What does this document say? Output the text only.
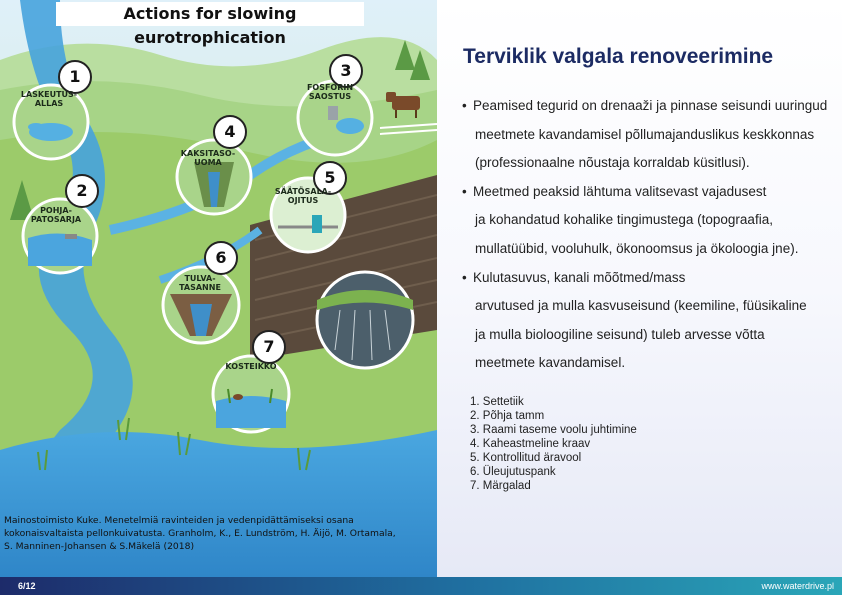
Actions for slowing eurotrophication
1
LASKEUTUS-
ALLAS
2
POHJA-
PATOSARJA
3
FOSFORIN
SAOSTUS
4
KAKSITASO-
UOMA
5
SÄÄTÖSALA-
OJITUS
6
TULVA-
TASANNE
7
KOSTEIKKO
Mainostoimisto Kuke. Menetelmiä ravinteiden ja vedenpidättämiseksi osana
kokonaisvaltaista pellonkuivatusta. Granholm, K., E. Lundström, H. Äijö, M. Ortamala,
S. Manninen-Johansen & S.Mäkelä (2018)
Terviklik valgala renoveerimine
• Peamised tegurid on drenaaži ja pinnase seisundi uuringud
meetmete kavandamisel põllumajanduslikus keskkonnas
(professionaalne nõustaja korraldab küsitlusi).
• Meetmed peaksid lähtuma valitsevast vajadusest
ja kohandatud kohalike tingimustega (topograafia,
mullatüübid, vooluhulk, ökonoomsus ja ökoloogia jne).
• Kulutasuvus, kanali mõõtmed/mass
arvutused ja mulla kasvuseisund (keemiline, füüsikaline
ja mulla bioloogiline seisund) tuleb arvesse võtta
meetmete kavandamisel.
1. Settetiik
2. Põhja tamm
3. Raami taseme voolu juhtimine
4. Kaheastmeline kraav
5. Kontrollitud äravool
6. Üleujutuspank
7. Märgalad
6/12	www.waterdrive.pl
